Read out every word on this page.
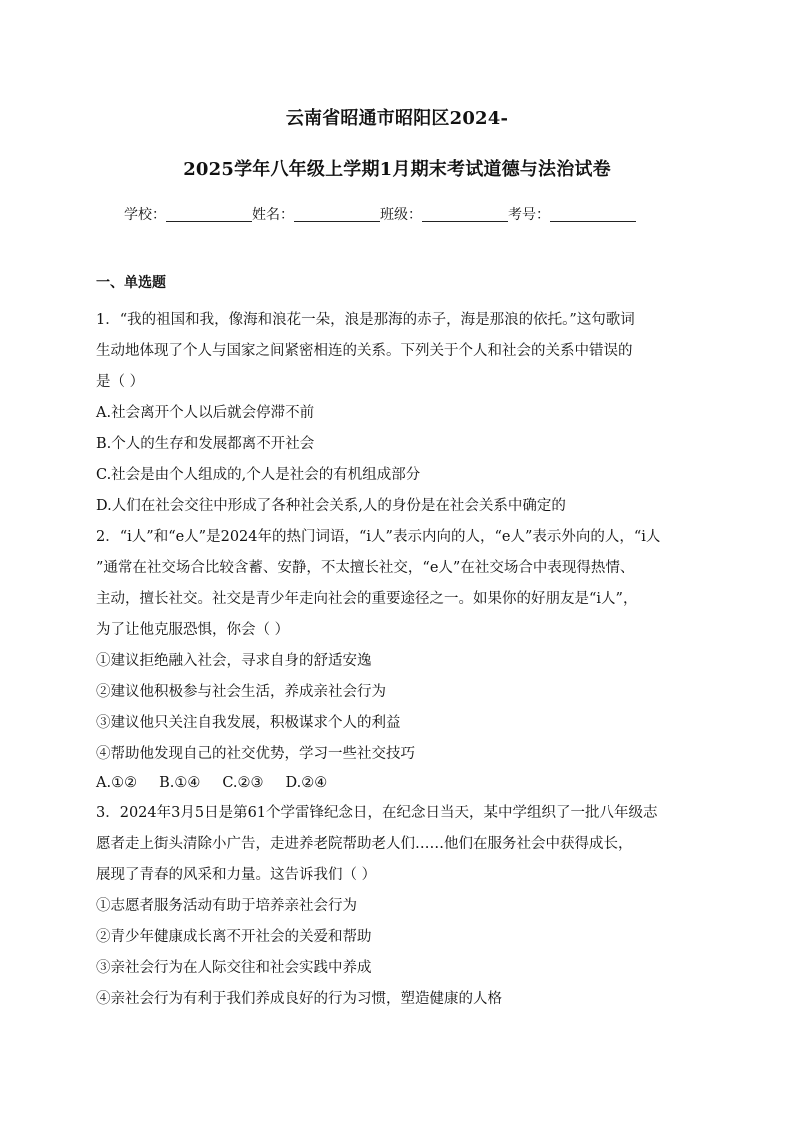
云南省昭通市昭阳区2024-
2025学年八年级上学期1月期末考试道德与法治试卷
学校：	姓名：	班级：	考号：
一、单选题

1．“我的祖国和我，像海和浪花一朵，浪是那海的赤子，海是那浪的依托。”这句歌词

生动地体现了个人与国家之间紧密相连的关系。下列关于个人和社会的关系中错误的

是（ ）

A.社会离开个人以后就会停滞不前

B.个人的生存和发展都离不开社会

C.社会是由个人组成的,个人是社会的有机组成部分

D.人们在社会交往中形成了各种社会关系,人的身份是在社会关系中确定的

2．“i人”和“e人”是2024年的热门词语，“i人”表示内向的人，“e人”表示外向的人，“i人

”通常在社交场合比较含蓄、安静，不太擅长社交，“e人”在社交场合中表现得热情、

主动，擅长社交。社交是青少年走向社会的重要途径之一。如果你的好朋友是“i人”，

为了让他克服恐惧，你会（ ）

①建议拒绝融入社会，寻求自身的舒适安逸

②建议他积极参与社会生活，养成亲社会行为

③建议他只关注自我发展，积极谋求个人的利益

④帮助他发现自己的社交优势，学习一些社交技巧

A.①② B.①④ C.②③ D.②④

3．2024年3月5日是第61个学雷锋纪念日，在纪念日当天，某中学组织了一批八年级志

愿者走上街头清除小广告，走进养老院帮助老人们……他们在服务社会中获得成长，

展现了青春的风采和力量。这告诉我们（ ）

①志愿者服务活动有助于培养亲社会行为

②青少年健康成长离不开社会的关爱和帮助

③亲社会行为在人际交往和社会实践中养成

④亲社会行为有利于我们养成良好的行为习惯，塑造健康的人格
